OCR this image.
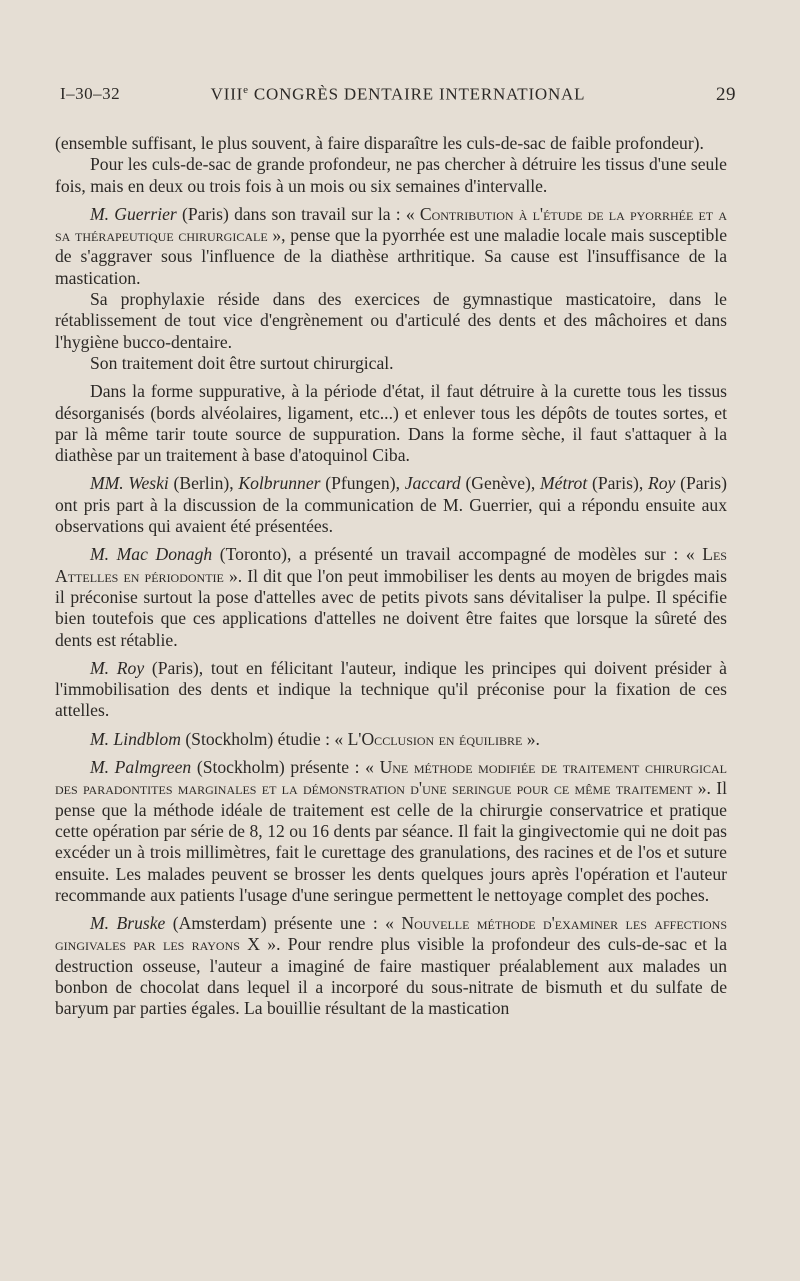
I–30–32	VIIIe CONGRÈS DENTAIRE INTERNATIONAL	29

(ensemble suffisant, le plus souvent, à faire disparaître les culs-de-sac de faible profondeur).

Pour les culs-de-sac de grande profondeur, ne pas chercher à détruire les tissus d'une seule fois, mais en deux ou trois fois à un mois ou six semaines d'intervalle.

M. Guerrier (Paris) dans son travail sur la : « Contribution à l'étude de la pyorrhée et a sa thérapeutique chirurgicale », pense que la pyorrhée est une maladie locale mais susceptible de s'aggraver sous l'influence de la diathèse arthritique. Sa cause est l'insuffisance de la mastication.

Sa prophylaxie réside dans des exercices de gymnastique masticatoire, dans le rétablissement de tout vice d'engrènement ou d'articulé des dents et des mâchoires et dans l'hygiène bucco-dentaire.

Son traitement doit être surtout chirurgical.

Dans la forme suppurative, à la période d'état, il faut détruire à la curette tous les tissus désorganisés (bords alvéolaires, ligament, etc...) et enlever tous les dépôts de toutes sortes, et par là même tarir toute source de suppuration. Dans la forme sèche, il faut s'attaquer à la diathèse par un traitement à base d'atoquinol Ciba.

MM. Weski (Berlin), Kolbrunner (Pfungen), Jaccard (Genève), Métrot (Paris), Roy (Paris) ont pris part à la discussion de la communication de M. Guerrier, qui a répondu ensuite aux observations qui avaient été présentées.

M. Mac Donagh (Toronto), a présenté un travail accompagné de modèles sur : « Les Attelles en périodontie ». Il dit que l'on peut immobiliser les dents au moyen de brigdes mais il préconise surtout la pose d'attelles avec de petits pivots sans dévitaliser la pulpe. Il spécifie bien toutefois que ces applications d'attelles ne doivent être faites que lorsque la sûreté des dents est rétablie.

M. Roy (Paris), tout en félicitant l'auteur, indique les principes qui doivent présider à l'immobilisation des dents et indique la technique qu'il préconise pour la fixation de ces attelles.

M. Lindblom (Stockholm) étudie : « L'Occlusion en équilibre ».

M. Palmgreen (Stockholm) présente : « Une méthode modifiée de traitement chirurgical des paradontites marginales et la démonstration d'une seringue pour ce même traitement ». Il pense que la méthode idéale de traitement est celle de la chirurgie conservatrice et pratique cette opération par série de 8, 12 ou 16 dents par séance. Il fait la gingivectomie qui ne doit pas excéder un à trois millimètres, fait le curettage des granulations, des racines et de l'os et suture ensuite. Les malades peuvent se brosser les dents quelques jours après l'opération et l'auteur recommande aux patients l'usage d'une seringue permettent le nettoyage complet des poches.

M. Bruske (Amsterdam) présente une : « Nouvelle méthode d'examiner les affections gingivales par les rayons X ». Pour rendre plus visible la profondeur des culs-de-sac et la destruction osseuse, l'auteur a imaginé de faire mastiquer préalablement aux malades un bonbon de chocolat dans lequel il a incorporé du sous-nitrate de bismuth et du sulfate de baryum par parties égales. La bouillie résultant de la mastication
